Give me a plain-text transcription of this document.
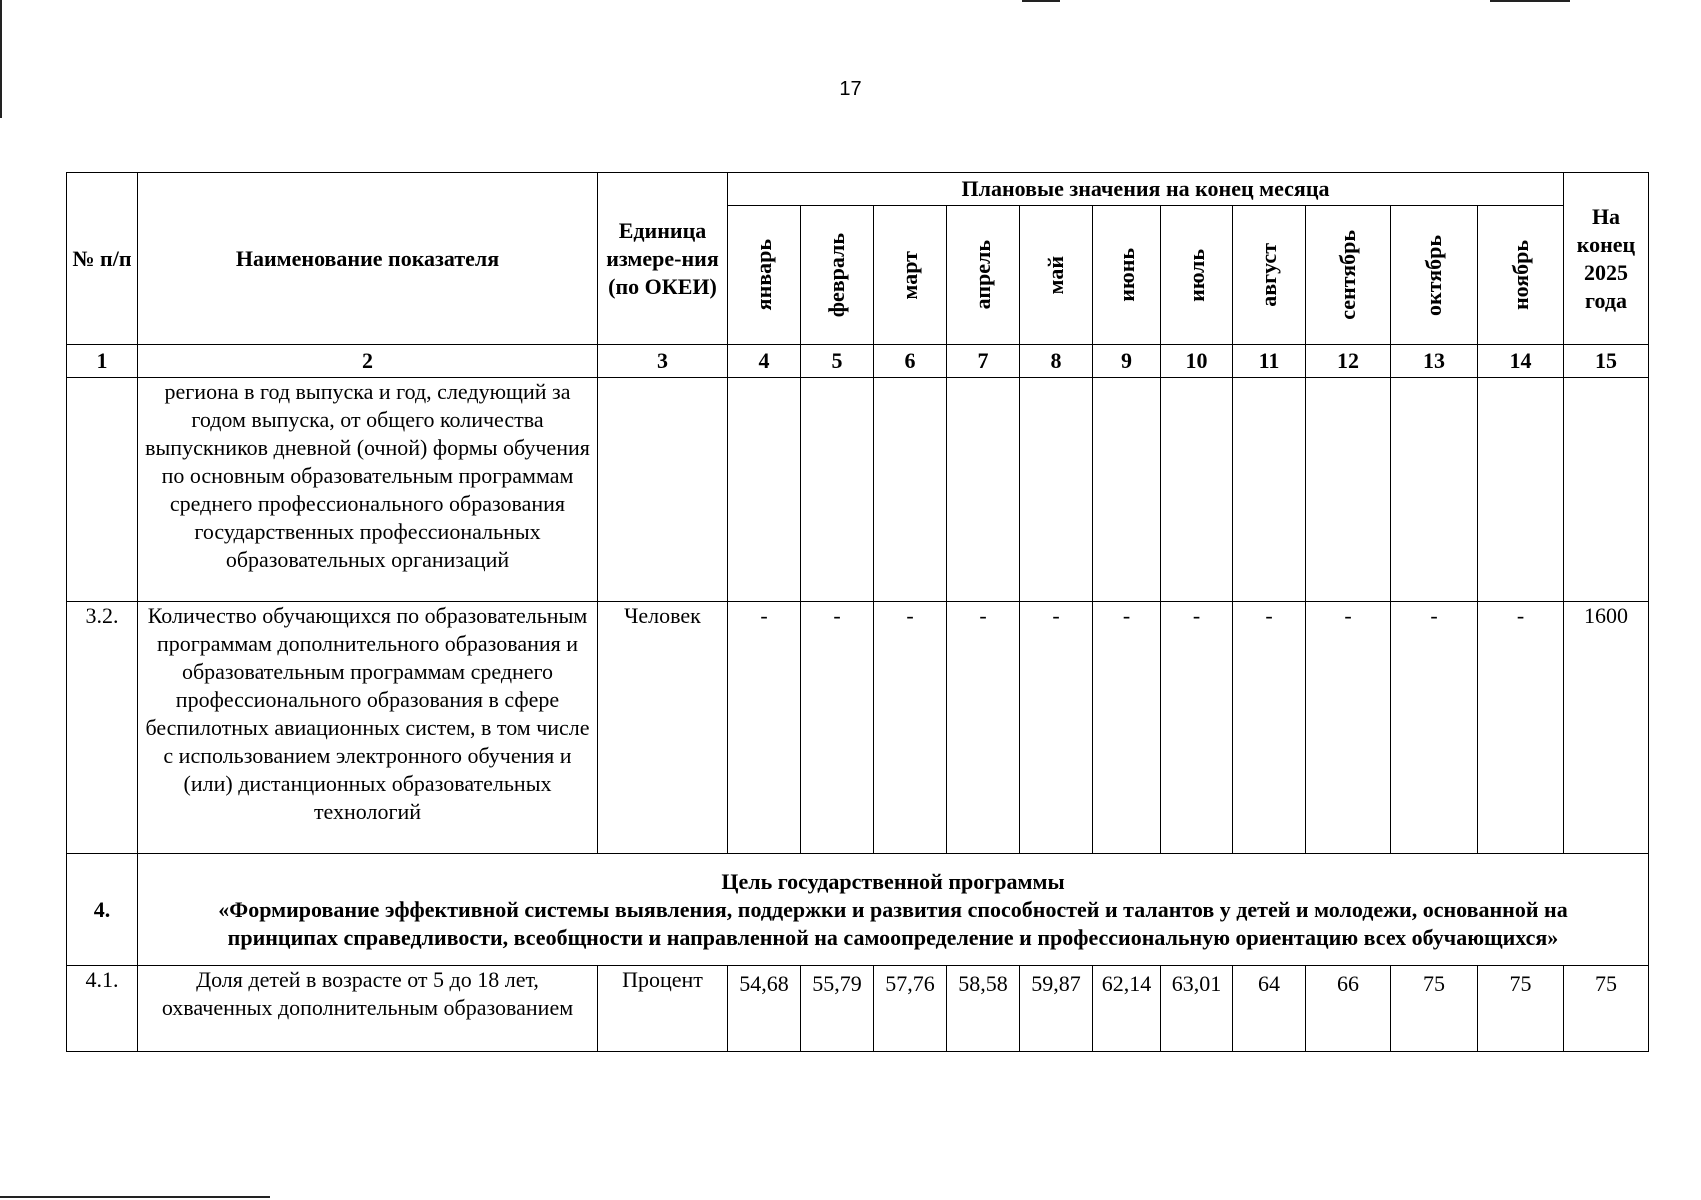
17
№ п/п	Наименование показателя	Единица измере-ния (по ОКЕИ)	Плановые значения на конец месяца											На конец 2025 года

			январь	февраль	март	апрель	май	июнь	июль	август	сентябрь	октябрь	ноябрь	

1	2	3	4	5	6	7	8	9	10	11	12	13	14	15
	региона в год выпуска и год, следующий за годом выпуска, от общего количества выпускников дневной (очной) формы обучения по основным образовательным программам среднего профессионального образования государственных профессиональных образовательных организаций													
3.2.	Количество обучающихся по образовательным программам дополнительного образования и образовательным программам среднего профессионального образования в сфере беспилотных авиационных систем, в том числе с использованием электронного обучения и (или) дистанционных образовательных технологий	Человек	-	-	-	-	-	-	-	-	-	-	-	1600
4.	Цель государственной программы
«Формирование эффективной системы выявления, поддержки и развития способностей и талантов у детей и молодежи, основанной на принципах справедливости, всеобщности и направленной на самоопределение и профессиональную ориентацию всех обучающихся»													

4.1.	Доля детей в возрасте от 5 до 18 лет, охваченных дополнительным образованием	Процент	54,68	55,79	57,76	58,58	59,87	62,14	63,01	64	66	75	75	75
